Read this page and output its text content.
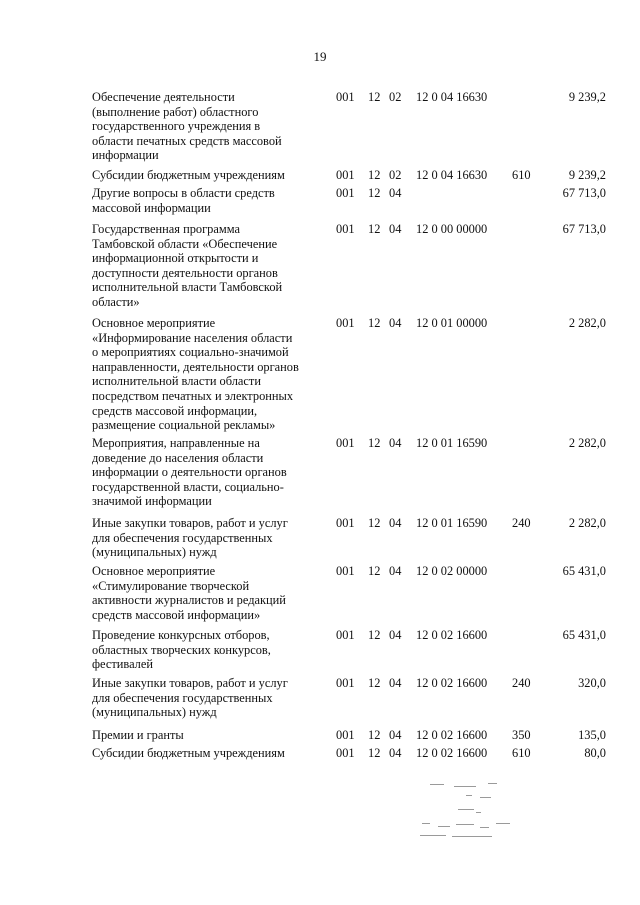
19
Обеспечение деятельности
(выполнение работ) областного
государственного учреждения в
области печатных средств массовой
информации
001 12 02 12 0 04 16630	9 239,2
Субсидии бюджетным учреждениям	001 12 02 12 0 04 16630 610	9 239,2
Другие вопросы в области средств
массовой информации
001 12 04	67 713,0
Государственная программа
Тамбовской области «Обеспечение
информационной открытости и
доступности деятельности органов
исполнительной власти Тамбовской
области»
001 12 04 12 0 00 00000	67 713,0
Основное мероприятие
«Информирование населения области
о мероприятиях социально-значимой
направленности, деятельности органов
исполнительной власти области
посредством печатных и электронных
средств массовой информации,
размещение социальной рекламы»
001 12 04 12 0 01 00000	2 282,0
Мероприятия, направленные на
доведение до населения области
информации о деятельности органов
государственной власти, социально-
значимой информации
001 12 04 12 0 01 16590	2 282,0
Иные закупки товаров, работ и услуг
для обеспечения государственных
(муниципальных) нужд
001 12 04 12 0 01 16590 240	2 282,0
Основное мероприятие
«Стимулирование творческой
активности журналистов и редакций
средств массовой информации»
001 12 04 12 0 02 00000	65 431,0
Проведение конкурсных отборов,
областных творческих конкурсов,
фестивалей
001 12 04 12 0 02 16600	65 431,0
Иные закупки товаров, работ и услуг
для обеспечения государственных
(муниципальных) нужд
001 12 04 12 0 02 16600 240	320,0
Премии и гранты	001 12 04 12 0 02 16600 350	135,0
Субсидии бюджетным учреждениям	001 12 04 12 0 02 16600 610	80,0
